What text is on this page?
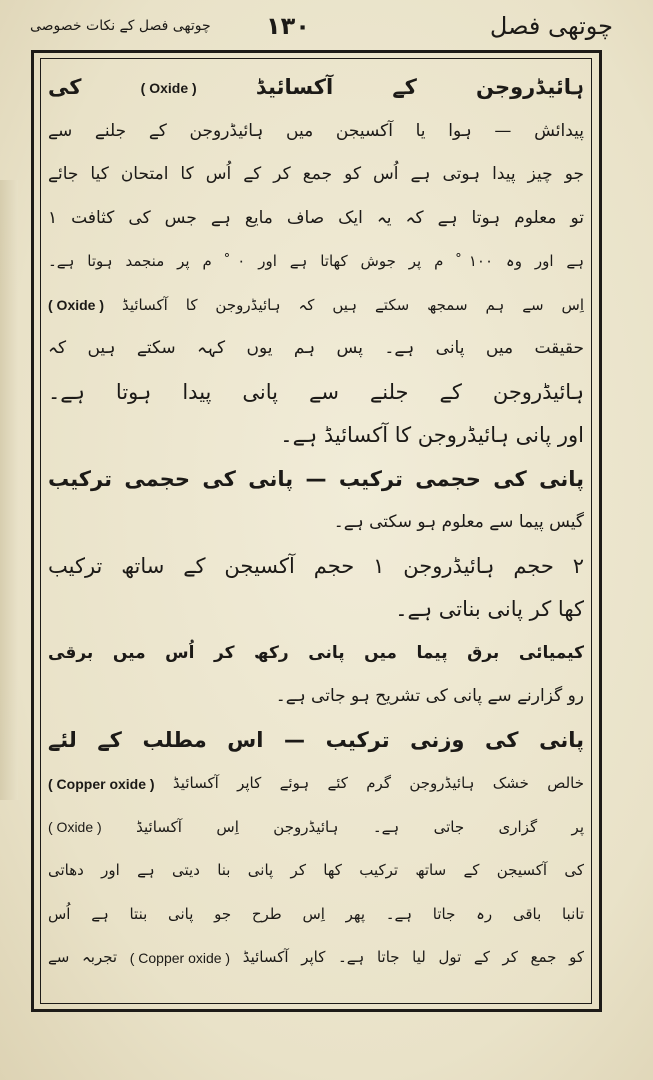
چوتھی فصل
۱۳۰
چوتھی فصل کے نکات خصوصی
ہائیڈروجن کے آکسائیڈ ( Oxide ) کی
پیدائش — ہوا یا آکسیجن میں ہائیڈروجن کے جلنے سے
جو چیز پیدا ہوتی ہے اُس کو جمع کر کے اُس کا امتحان کیا جائے
تو معلوم ہوتا ہے کہ یہ ایک صاف مایع ہے جس کی کثافت ۱
ہے اور وہ ۱۰۰ ْ م پر جوش کھاتا ہے اور ۰ ْ م پر منجمد ہوتا ہے۔
اِس سے ہم سمجھ سکتے ہیں کہ ہائیڈروجن کا آکسائیڈ ( Oxide )
حقیقت میں پانی ہے۔ پس ہم یوں کہہ سکتے ہیں کہ
ہائیڈروجن کے جلنے سے پانی پیدا ہوتا ہے۔
اور پانی ہائیڈروجن کا آکسائیڈ ہے۔
پانی کی حجمی ترکیب — پانی کی حجمی ترکیب
گیس پیما سے معلوم ہو سکتی ہے۔
۲ حجم ہائیڈروجن ۱ حجم آکسیجن کے ساتھ ترکیب
کھا کر پانی بناتی ہے۔
کیمیائی برق پیما میں پانی رکھ کر اُس میں برقی
رو گزارنے سے پانی کی تشریح ہو جاتی ہے۔
پانی کی وزنی ترکیب — اس مطلب کے لئے
خالص خشک ہائیڈروجن گرم کئے ہوئے کاپر آکسائیڈ ( Copper oxide )
پر گزاری جاتی ہے۔ ہائیڈروجن اِس آکسائیڈ ( Oxide )
کی آکسیجن کے ساتھ ترکیب کھا کر پانی بنا دیتی ہے اور دھاتی
تانبا باقی رہ جاتا ہے۔ پھر اِس طرح جو پانی بنتا ہے اُس
کو جمع کر کے تول لیا جاتا ہے۔ کاپر آکسائیڈ ( Copper oxide ) تجربہ سے
